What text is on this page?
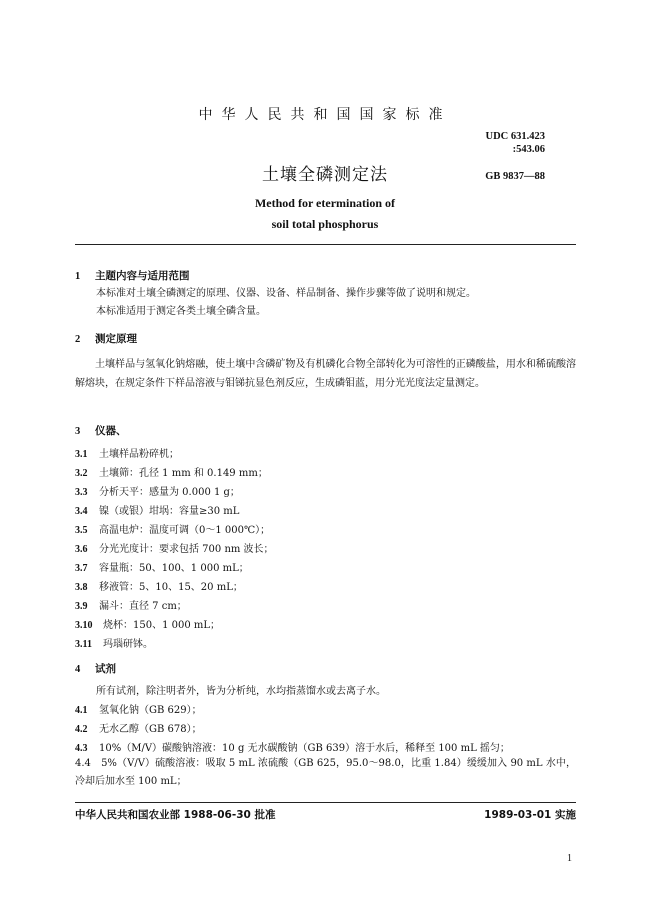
中华人民共和国国家标准
UDC 631.423
:543.06
土壤全磷测定法	GB 9837—88
Method for etermination of
soil total phosphorus
1 主题内容与适用范围
本标准对土壤全磷测定的原理、仪器、设备、样品制备、操作步骤等做了说明和规定。
本标准适用于测定各类土壤全磷含量。
2 测定原理
土壤样品与氢氧化钠熔融，使土壤中含磷矿物及有机磷化合物全部转化为可溶性的正磷酸盐，用水和稀硫酸溶解熔块，在规定条件下样品溶液与钼锑抗显色剂反应，生成磷钼蓝，用分光光度法定量测定。
3 仪器、
3.1 土壤样品粉碎机；
3.2 土壤筛：孔径 1 mm 和 0.149 mm；
3.3 分析天平：感量为 0.000 1 g；
3.4 镍（或银）坩埚：容量≥30 mL
3.5 高温电炉：温度可调（0～1 000℃）；
3.6 分光光度计：要求包括 700 nm 波长；
3.7 容量瓶：50、100、1 000 mL；
3.8 移液管：5、10、15、20 mL；
3.9 漏斗：直径 7 cm；
3.10 烧杯：150、1 000 mL；
3.11 玛瑙研钵。
4 试剂
所有试剂，除注明者外，皆为分析纯，水均指蒸馏水或去离子水。
4.1 氢氧化钠（GB 629）；
4.2 无水乙醇（GB 678）；
4.3 10%（M/V）碳酸钠溶液：10 g 无水碳酸钠（GB 639）溶于水后，稀释至 100 mL 摇匀；
4.4　5%（V/V）硫酸溶液：吸取 5 mL 浓硫酸（GB 625，95.0～98.0，比重 1.84）缓缓加入 90 mL 水中，冷却后加水至 100 mL；
中华人民共和国农业部 1988-06-30 批准	1989-03-01 实施
1
